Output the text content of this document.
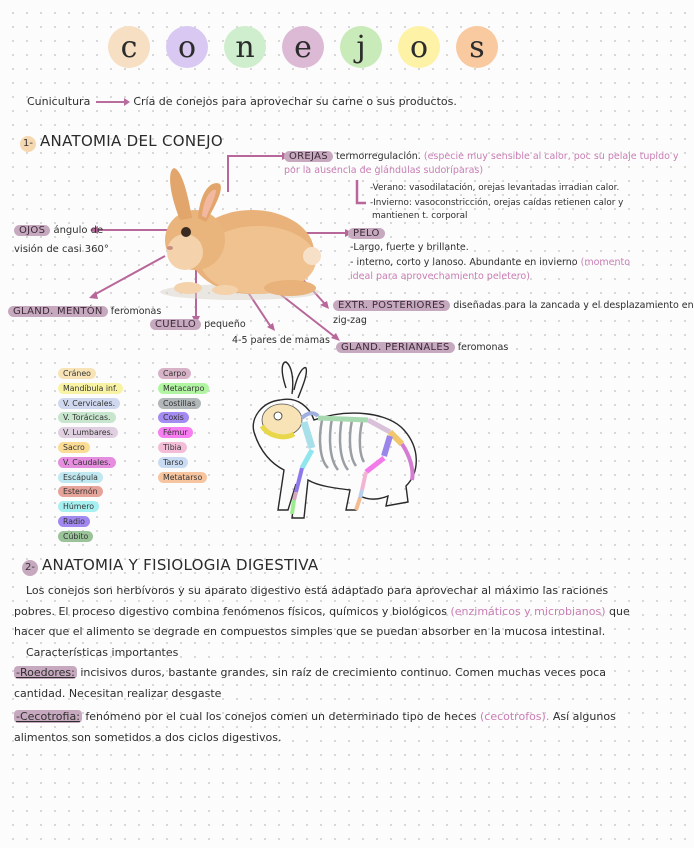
c	o	n	e	j	o	s
Cunicultura	Cría de conejos para aprovechar su carne o sus productos.
1- ANATOMIA DEL CONEJO
OREJAS termorregulación. (especie muy sensible al calor, poc su pelaje tupido y
por la ausencia de glándulas sudoríparas)
-Verano: vasodilatación, orejas levantadas irradian calor.
-Invierno: vasoconstricción, orejas caídas retienen calor y
mantienen t. corporal
OJOS ángulo de
visión de casi 360°
PELO
-Largo, fuerte y brillante.
- interno, corto y lanoso. Abundante en invierno (momento
ideal para aprovechamiento peletero)
GLAND. MENTÓN feromonas
CUELLO pequeño
4-5 pares de mamas
EXTR. POSTERIORES diseñadas para la zancada y el desplazamiento en
zig-zag
GLAND. PERIANALES feromonas
Cráneo
Mandíbula inf.
V. Cervicales.
V. Torácicas.
V. Lumbares.
Sacro
V. Caudales.
Escápula
Esternón
Húmero
Radio
Cúbito
Carpo
Metacarpo
Costillas
Coxis
Fémur
Tibia
Tarso
Metatarso
2- ANATOMIA Y FISIOLOGIA DIGESTIVA
Los conejos son herbívoros y su aparato digestivo está adaptado para aprovechar al máximo las raciones
pobres. El proceso digestivo combina fenómenos físicos, químicos y biológicos (enzimáticos y microbianos) que
hacer que el alimento se degrade en compuestos simples que se puedan absorber en la mucosa intestinal.
Características importantes
-Roedores: incisivos duros, bastante grandes, sin raíz de crecimiento continuo. Comen muchas veces poca
cantidad. Necesitan realizar desgaste
-Cecotrofia: fenómeno por el cual los conejos comen un determinado tipo de heces (cecotrofos). Así algunos
alimentos son sometidos a dos ciclos digestivos.
